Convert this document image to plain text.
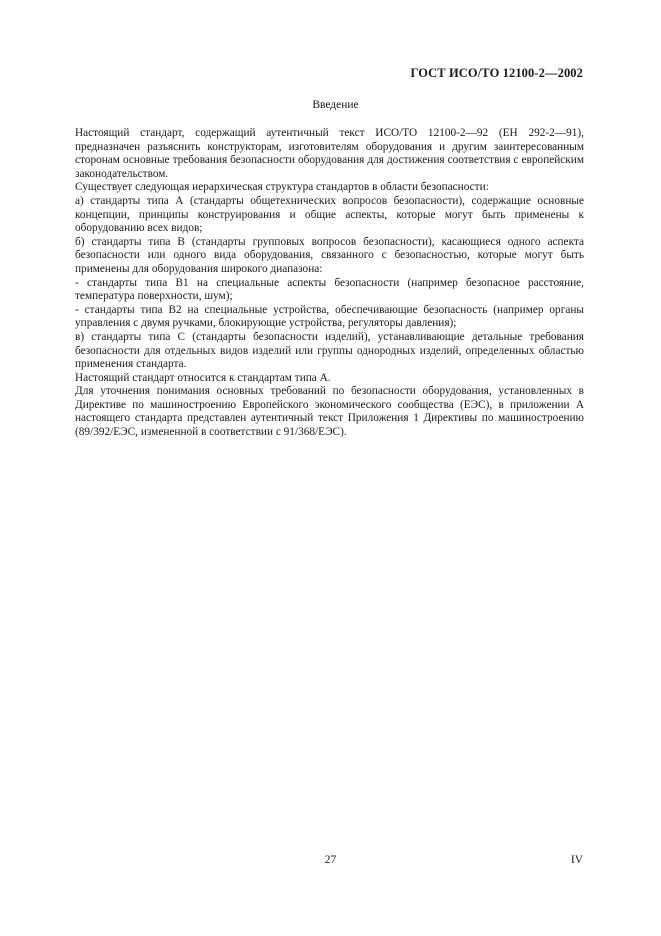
ГОСТ ИСО/ТО 12100-2—2002
Введение

Настоящий стандарт, содержащий аутентичный текст ИСО/ТО 12100-2—92 (ЕН 292-2—91), предназначен разъяснить конструкторам, изготовителям оборудования и другим заинтересованным сторонам основные требования безопасности оборудования для достижения соответствия с европейским законодательством.

Существует следующая иерархическая структура стандартов в области безопасности:

а) стандарты типа А (стандарты общетехнических вопросов безопасности), содержащие основные концепции, принципы конструирования и общие аспекты, которые могут быть применены к оборудованию всех видов;

б) стандарты типа В (стандарты групповых вопросов безопасности), касающиеся одного аспекта безопасности или одного вида оборудования, связанного с безопасностью, которые могут быть применены для оборудования широкого диапазона:

- стандарты типа В1 на специальные аспекты безопасности (например безопасное расстояние, температура поверхности, шум);

- стандарты типа В2 на специальные устройства, обеспечивающие безопасность (например органы управления с двумя ручками, блокирующие устройства, регуляторы давления);

в) стандарты типа С (стандарты безопасности изделий), устанавливающие детальные требования безопасности для отдельных видов изделий или группы однородных изделий, определенных областью применения стандарта.

Настоящий стандарт относится к стандартам типа А.

Для уточнения понимания основных требований по безопасности оборудования, установленных в Директиве по машиностроению Европейского экономического сообщества (ЕЭС), в приложении А настоящего стандарта представлен аутентичный текст Приложения 1 Директивы по машиностроению (89/392/ЕЭС, измененной в соответствии с 91/368/ЕЭС).

27	IV
